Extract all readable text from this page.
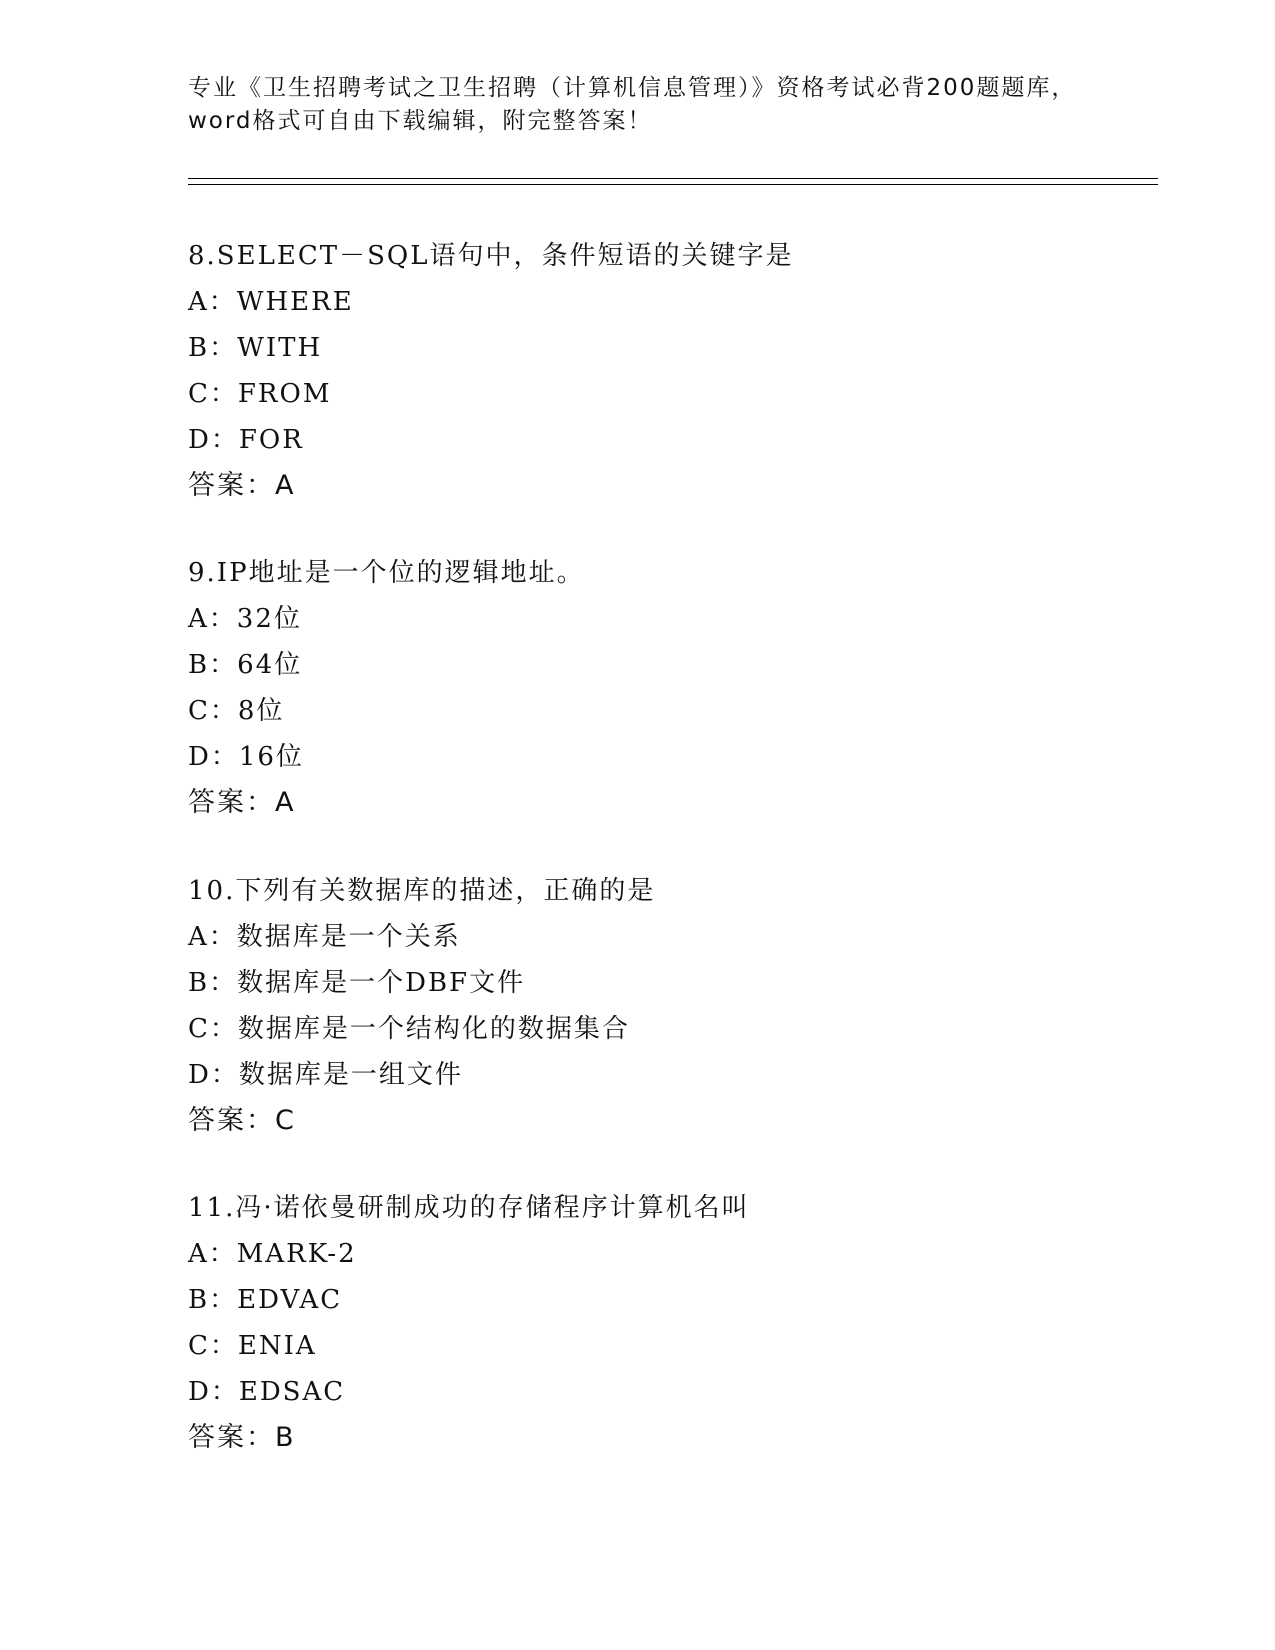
专业《卫生招聘考试之卫生招聘（计算机信息管理）》资格考试必背200题题库，
word格式可自由下载编辑，附完整答案！
8.SELECT－SQL语句中，条件短语的关键字是
A：WHERE
B：WITH
C：FROM
D：FOR
答案：A
9.IP地址是一个位的逻辑地址。
A：32位
B：64位
C：8位
D：16位
答案：A
10.下列有关数据库的描述，正确的是
A：数据库是一个关系
B：数据库是一个DBF文件
C：数据库是一个结构化的数据集合
D：数据库是一组文件
答案：C
11.冯·诺依曼研制成功的存储程序计算机名叫
A：MARK-2
B：EDVAC
C：ENIA
D：EDSAC
答案：B
